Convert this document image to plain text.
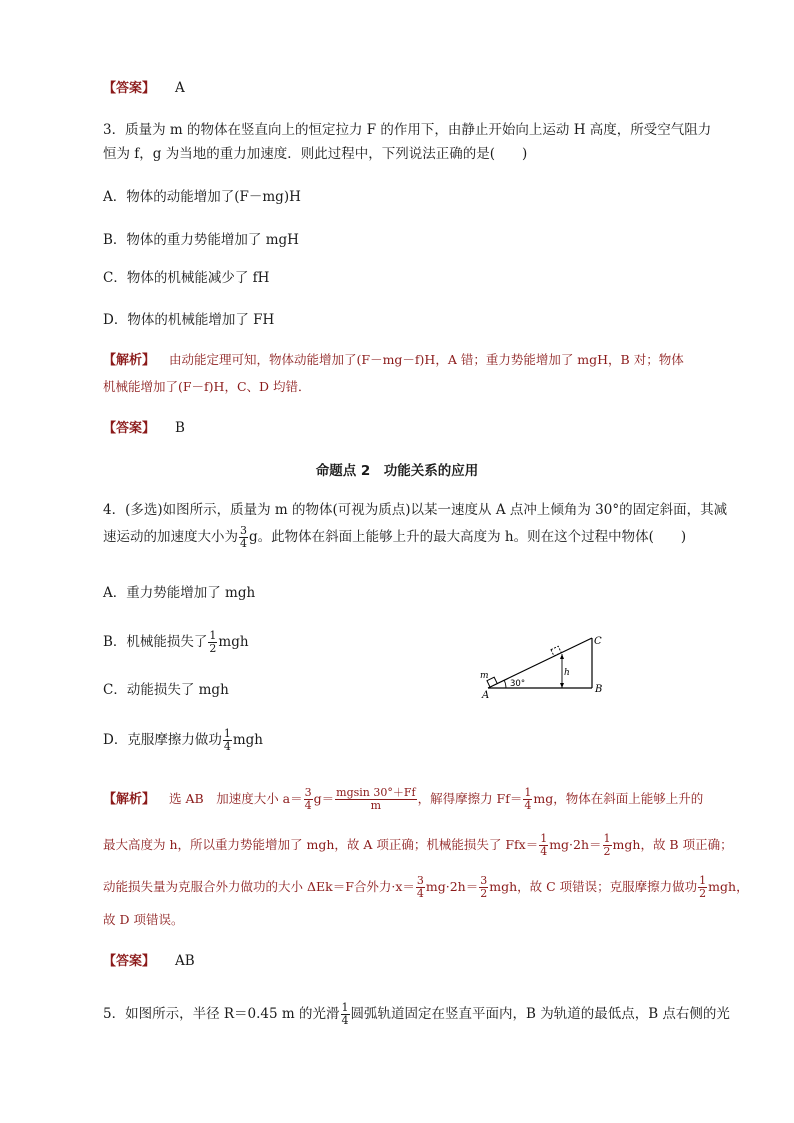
【答案】 A
3．质量为 m 的物体在竖直向上的恒定拉力 F 的作用下，由静止开始向上运动 H 高度，所受空气阻力
恒为 f，g 为当地的重力加速度．则此过程中，下列说法正确的是(　　)
A．物体的动能增加了(F－mg)H
B．物体的重力势能增加了 mgH
C．物体的机械能减少了 fH
D．物体的机械能增加了 FH
【解析】 由动能定理可知，物体动能增加了(F－mg－f)H，A 错；重力势能增加了 mgH，B 对；物体
机械能增加了(F－f)H，C、D 均错．
【答案】 B
命题点 2　功能关系的应用
4．(多选)如图所示，质量为 m 的物体(可视为质点)以某一速度从 A 点冲上倾角为 30°的固定斜面，其减
速运动的加速度大小为 $\frac{3}{4}$ g。此物体在斜面上能够上升的最大高度为 h。则在这个过程中物体(　　)
A．重力势能增加了 mgh
B．机械能损失了 $\frac{1}{2}$ mgh
C．动能损失了 mgh
D．克服摩擦力做功 $\frac{1}{4}$ mgh
m
A
B
C
h
30°
【解析】 选 AB　加速度大小 $a= \frac{3}{4} g= \frac{mgsin 30^\circ+Ff}{m}$ ，解得摩擦力 $Ff= \frac{1}{4}$ mg，物体在斜面上能够上升的
最大高度为 h，所以重力势能增加了 mgh，故 A 项正确；机械能损失了 $Ffx= \frac{1}{4} mg\cdot 2h= \frac{1}{2}$ mgh，故 B 项正确；
动能损失量为克服合外力做功的大小 ΔEk＝F合外力$\cdot x= \frac{3}{4} mg\cdot 2h= \frac{3}{2}$ mgh，故 C 项错误；克服摩擦力做功 $\frac{1}{2}$ mgh，
故 D 项错误。
【答案】 AB
5．如图所示，半径 R＝0.45 m 的光滑 $\frac{1}{4}$ 圆弧轨道固定在竖直平面内，B 为轨道的最低点，B 点右侧的光
